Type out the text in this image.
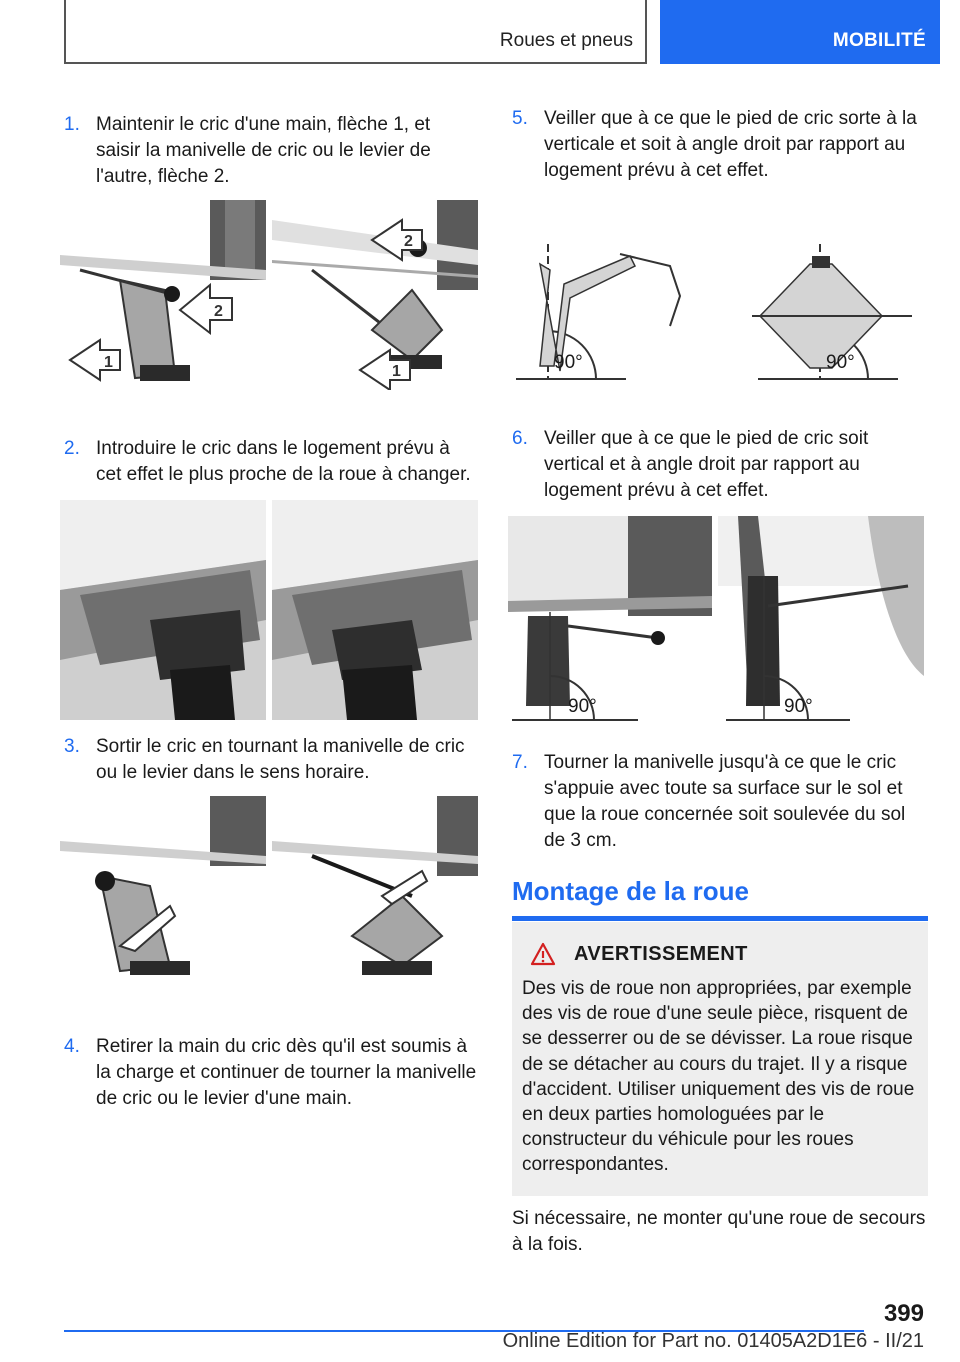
Roues et pneus	MOBILITÉ
1. Maintenir le cric d'une main, flèche 1, et saisir la manivelle de cric ou le levier de l'autre, flèche 2.
1
2
2
1
2. Introduire le cric dans le logement prévu à cet effet le plus proche de la roue à changer.
3. Sortir le cric en tournant la manivelle de cric ou le levier dans le sens horaire.
4. Retirer la main du cric dès qu'il est soumis à la charge et continuer de tourner la manivelle de cric ou le levier d'une main.
5. Veiller que à ce que le pied de cric sorte à la verticale et soit à angle droit par rapport au logement prévu à cet effet.
90°	90°
6. Veiller que à ce que le pied de cric soit vertical et à angle droit par rapport au logement prévu à cet effet.
90°	90°
7. Tourner la manivelle jusqu'à ce que le cric s'appuie avec toute sa surface sur le sol et que la roue concernée soit soulevée du sol de 3 cm.
Montage de la roue
AVERTISSEMENT
Des vis de roue non appropriées, par exemple des vis de roue d'une seule pièce, risquent de se desserrer ou de se dévisser. La roue risque de se détacher au cours du trajet. Il y a risque d'accident. Utiliser uniquement des vis de roue en deux parties homologuées par le constructeur du véhicule pour les roues correspondantes.
Si nécessaire, ne monter qu'une roue de secours à la fois.
399
Online Edition for Part no. 01405A2D1E6 - II/21
